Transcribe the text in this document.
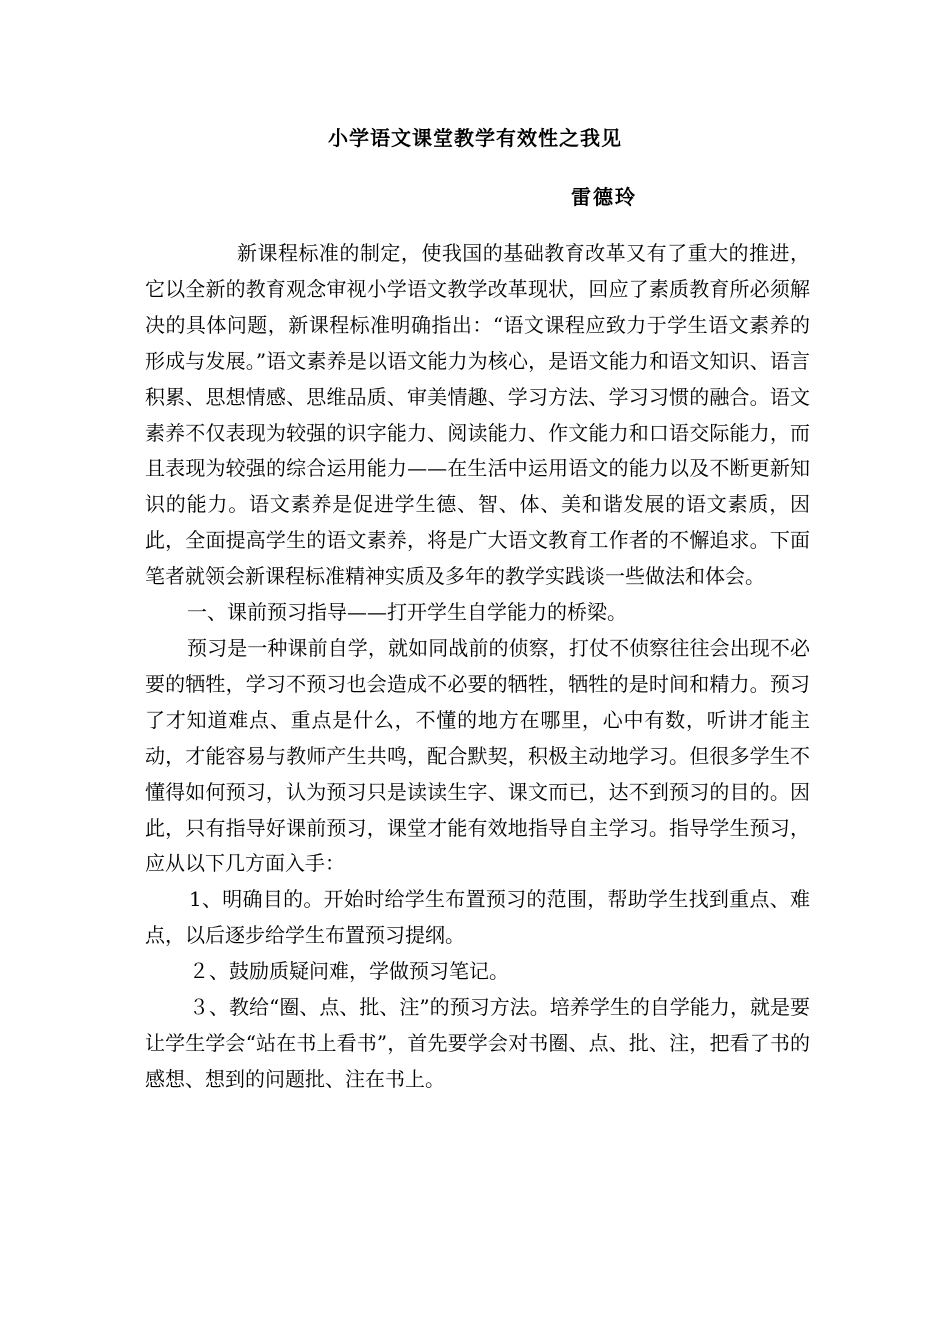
小学语文课堂教学有效性之我见
雷德玲

新课程标准的制定，使我国的基础教育改革又有了重大的推进，它以全新的教育观念审视小学语文教学改革现状，回应了素质教育所必须解决的具体问题，新课程标准明确指出：“语文课程应致力于学生语文素养的形成与发展。”语文素养是以语文能力为核心，是语文能力和语文知识、语言积累、思想情感、思维品质、审美情趣、学习方法、学习习惯的融合。语文素养不仅表现为较强的识字能力、阅读能力、作文能力和口语交际能力，而且表现为较强的综合运用能力——在生活中运用语文的能力以及不断更新知识的能力。语文素养是促进学生德、智、体、美和谐发展的语文素质，因此，全面提高学生的语文素养，将是广大语文教育工作者的不懈追求。下面笔者就领会新课程标准精神实质及多年的教学实践谈一些做法和体会。

一、课前预习指导——打开学生自学能力的桥梁。

预习是一种课前自学，就如同战前的侦察，打仗不侦察往往会出现不必要的牺牲，学习不预习也会造成不必要的牺牲，牺牲的是时间和精力。预习了才知道难点、重点是什么，不懂的地方在哪里，心中有数，听讲才能主动，才能容易与教师产生共鸣，配合默契，积极主动地学习。但很多学生不懂得如何预习，认为预习只是读读生字、课文而已，达不到预习的目的。因此，只有指导好课前预习，课堂才能有效地指导自主学习。指导学生预习，应从以下几方面入手：

1、明确目的。开始时给学生布置预习的范围，帮助学生找到重点、难点，以后逐步给学生布置预习提纲。

２、鼓励质疑问难，学做预习笔记。

３、教给“圈、点、批、注”的预习方法。培养学生的自学能力，就是要让学生学会“站在书上看书”，首先要学会对书圈、点、批、注，把看了书的感想、想到的问题批、注在书上。
